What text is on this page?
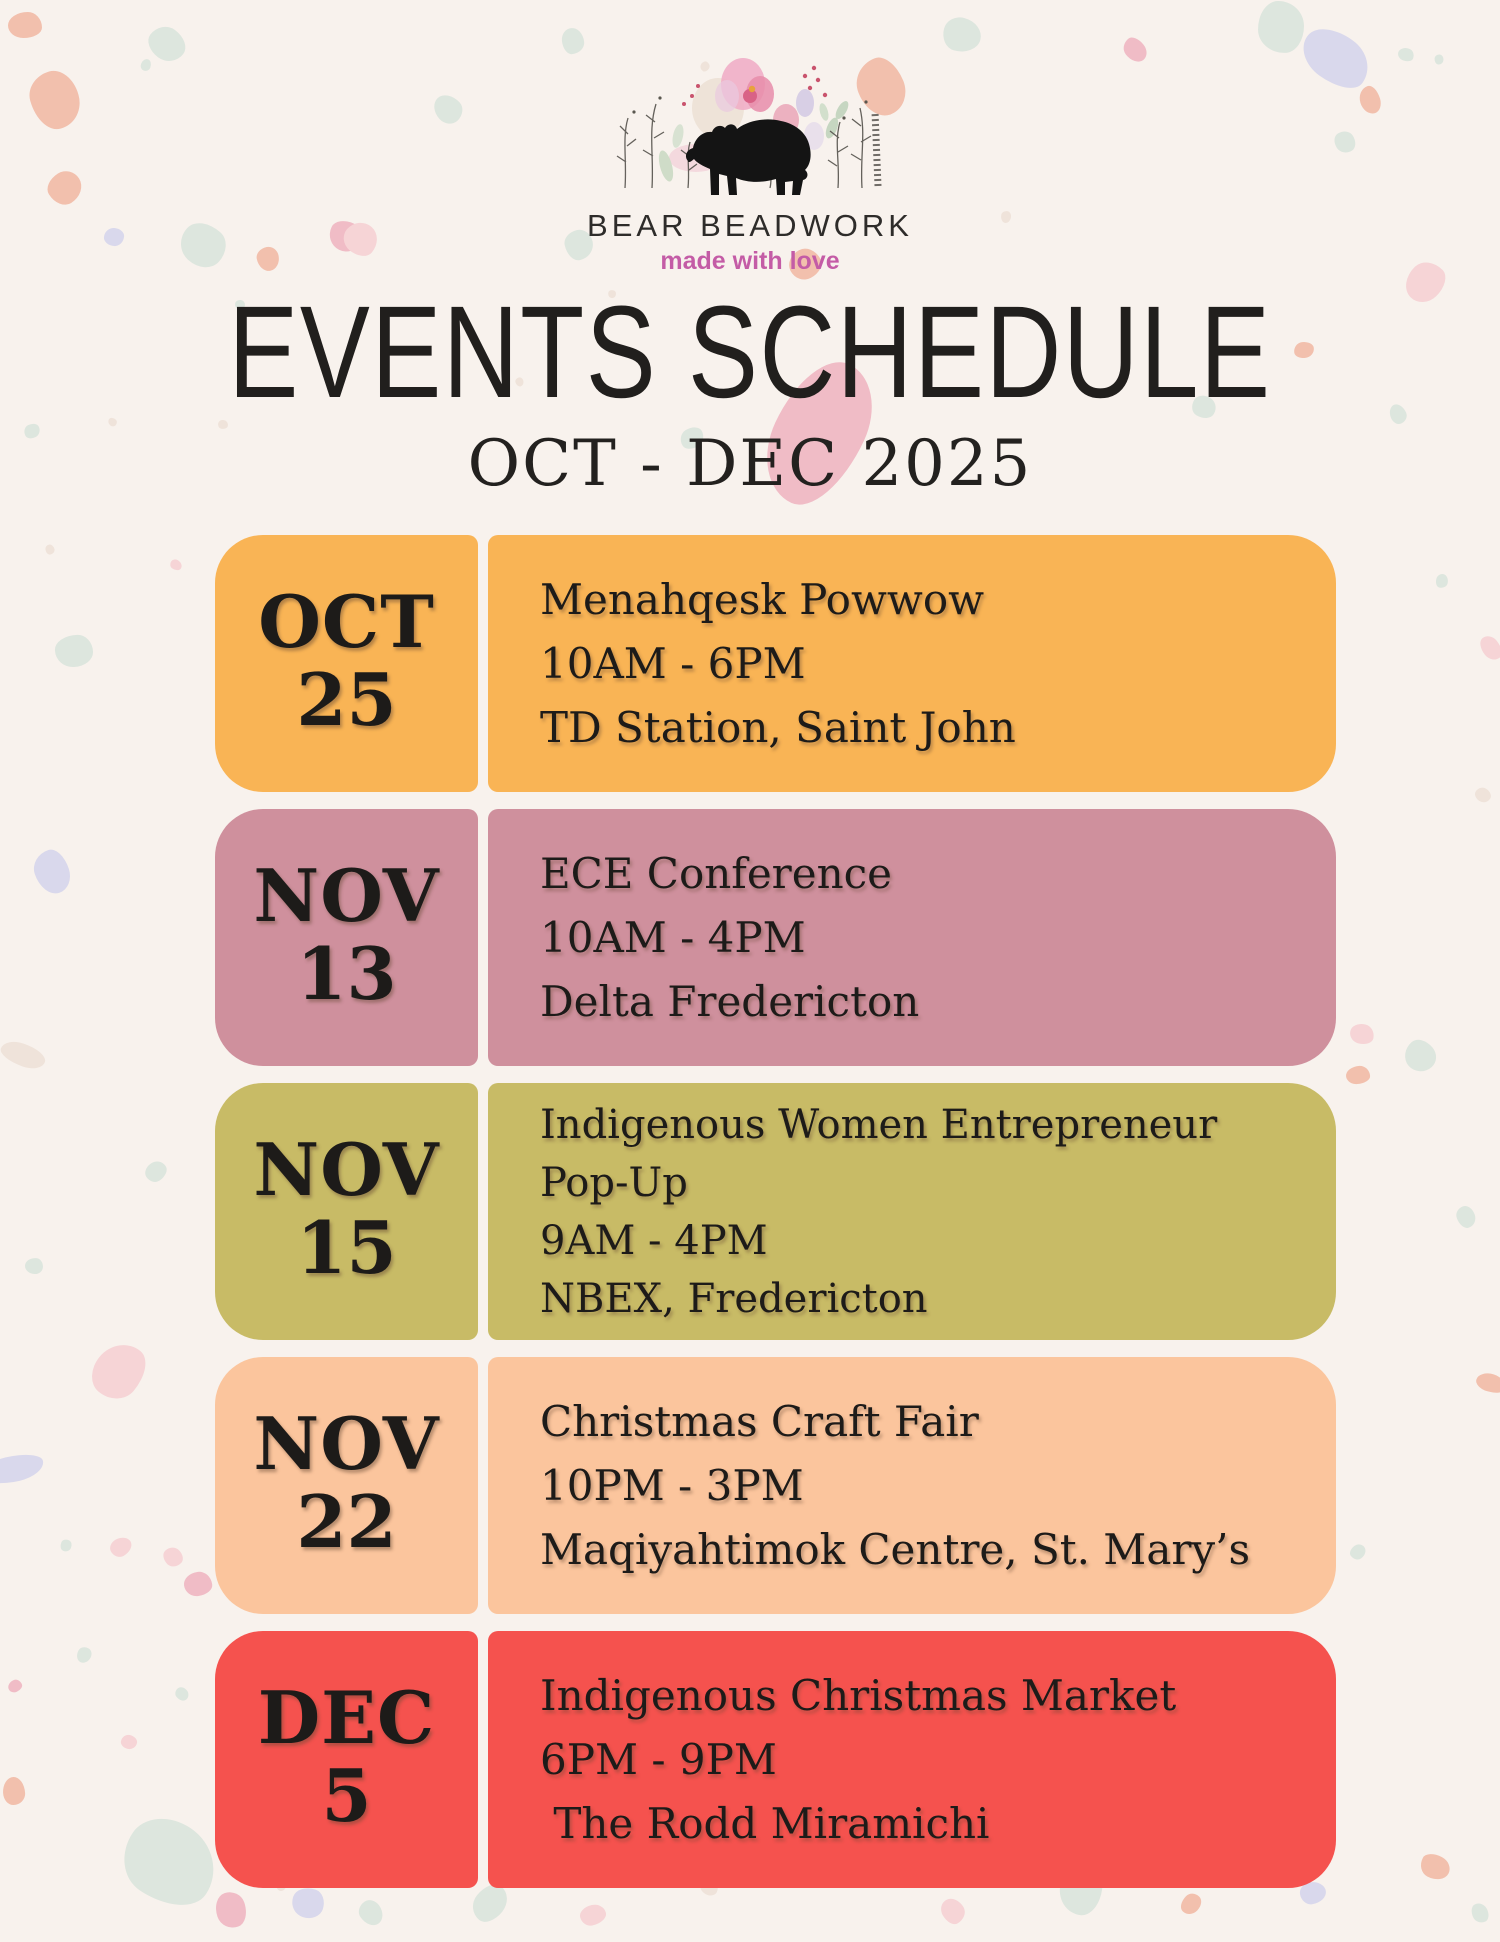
BEAR BEADWORK
made with love
EVENTS SCHEDULE
OCT - DEC 2025
OCT
25
Menahqesk Powwow
10AM - 6PM
TD Station, Saint John
NOV
13
ECE Conference
10AM - 4PM
Delta Fredericton
NOV
15
Indigenous Women Entrepreneur
Pop-Up
9AM - 4PM
NBEX, Fredericton
NOV
22
Christmas Craft Fair
10PM - 3PM
Maqiyahtimok Centre, St. Mary’s
DEC
5
Indigenous Christmas Market
6PM - 9PM
The Rodd Miramichi
